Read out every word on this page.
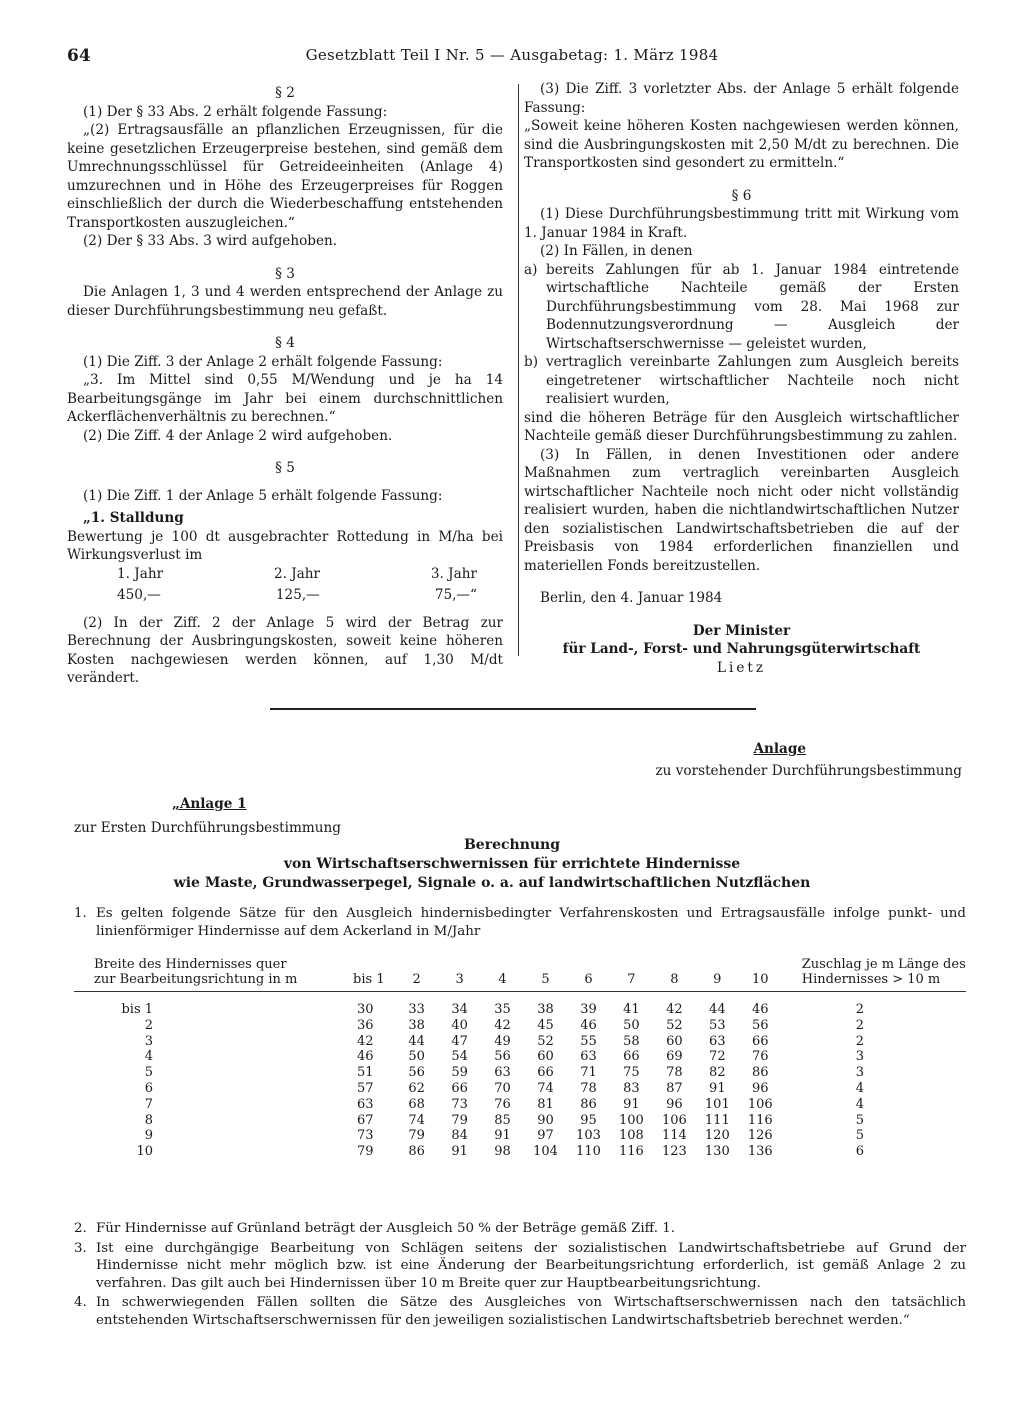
64	Gesetzblatt Teil I Nr. 5 — Ausgabetag: 1. März 1984

§ 2

(1) Der § 33 Abs. 2 erhält folgende Fassung:

„(2) Ertragsausfälle an pflanzlichen Erzeugnissen, für die keine gesetzlichen Erzeugerpreise bestehen, sind gemäß dem Umrechnungsschlüssel für Getreideeinheiten (Anlage 4) umzurechnen und in Höhe des Erzeugerpreises für Roggen einschließlich der durch die Wiederbeschaffung entstehenden Transportkosten auszugleichen.“

(2) Der § 33 Abs. 3 wird aufgehoben.

§ 3

Die Anlagen 1, 3 und 4 werden entsprechend der Anlage zu dieser Durchführungsbestimmung neu gefaßt.

§ 4

(1) Die Ziff. 3 der Anlage 2 erhält folgende Fassung:

„3. Im Mittel sind 0,55 M/Wendung und je ha 14 Bearbeitungsgänge im Jahr bei einem durchschnittlichen Ackerflächenverhältnis zu berechnen.“

(2) Die Ziff. 4 der Anlage 2 wird aufgehoben.

§ 5

(1) Die Ziff. 1 der Anlage 5 erhält folgende Fassung:

„1. Stalldung

Bewertung je 100 dt ausgebrachter Rottedung in M/ha bei Wirkungsverlust im

1. Jahr	2. Jahr	3. Jahr
450,—	125,—	75,—“

(2) In der Ziff. 2 der Anlage 5 wird der Betrag zur Berechnung der Ausbringungskosten, soweit keine höheren Kosten nachgewiesen werden können, auf 1,30 M/dt verändert.

(3) Die Ziff. 3 vorletzter Abs. der Anlage 5 erhält folgende Fassung:

„Soweit keine höheren Kosten nachgewiesen werden können, sind die Ausbringungskosten mit 2,50 M/dt zu berechnen. Die Transportkosten sind gesondert zu ermitteln.“

§ 6

(1) Diese Durchführungsbestimmung tritt mit Wirkung vom 1. Januar 1984 in Kraft.

(2) In Fällen, in denen

a) bereits Zahlungen für ab 1. Januar 1984 eintretende wirtschaftliche Nachteile gemäß der Ersten Durchführungsbestimmung vom 28. Mai 1968 zur Bodennutzungsverordnung — Ausgleich der Wirtschaftserschwernisse — geleistet wurden,
b) vertraglich vereinbarte Zahlungen zum Ausgleich bereits eingetretener wirtschaftlicher Nachteile noch nicht realisiert wurden,

sind die höheren Beträge für den Ausgleich wirtschaftlicher Nachteile gemäß dieser Durchführungsbestimmung zu zahlen.

(3) In Fällen, in denen Investitionen oder andere Maßnahmen zum vertraglich vereinbarten Ausgleich wirtschaftlicher Nachteile noch nicht oder nicht vollständig realisiert wurden, haben die nichtlandwirtschaftlichen Nutzer den sozialistischen Landwirtschaftsbetrieben die auf der Preisbasis von 1984 erforderlichen finanziellen und materiellen Fonds bereitzustellen.

Berlin, den 4. Januar 1984

Der Minister
für Land-, Forst- und Nahrungsgüterwirtschaft
Lietz
Anlage
zu vorstehender Durchführungsbestimmung
„Anlage 1
zur Ersten Durchführungsbestimmung
Berechnung
von Wirtschaftserschwernissen für errichtete Hindernisse
wie Maste, Grundwasserpegel, Signale o. a. auf landwirtschaftlichen Nutzflächen
1. Es gelten folgende Sätze für den Ausgleich hindernisbedingter Verfahrenskosten und Ertragsausfälle infolge punkt- und linienförmiger Hindernisse auf dem Ackerland in M/Jahr
Breite des Hindernisses quer zur Bearbeitungsrichtung in m	bis 1	2	3	4	5	6	7	8	9	10	Zuschlag je m Länge des Hindernisses > 10 m
bis 1	30	33	34	35	38	39	41	42	44	46	2
2	36	38	40	42	45	46	50	52	53	56	2
3	42	44	47	49	52	55	58	60	63	66	2
4	46	50	54	56	60	63	66	69	72	76	3
5	51	56	59	63	66	71	75	78	82	86	3
6	57	62	66	70	74	78	83	87	91	96	4
7	63	68	73	76	81	86	91	96	101	106	4
8	67	74	79	85	90	95	100	106	111	116	5
9	73	79	84	91	97	103	108	114	120	126	5
10	79	86	91	98	104	110	116	123	130	136	6
2. Für Hindernisse auf Grünland beträgt der Ausgleich 50 % der Beträge gemäß Ziff. 1.
3. Ist eine durchgängige Bearbeitung von Schlägen seitens der sozialistischen Landwirtschaftsbetriebe auf Grund der Hindernisse nicht mehr möglich bzw. ist eine Änderung der Bearbeitungsrichtung erforderlich, ist gemäß Anlage 2 zu verfahren. Das gilt auch bei Hindernissen über 10 m Breite quer zur Hauptbearbeitungsrichtung.
4. In schwerwiegenden Fällen sollten die Sätze des Ausgleiches von Wirtschaftserschwernissen nach den tatsächlich entstehenden Wirtschaftserschwernissen für den jeweiligen sozialistischen Landwirtschaftsbetrieb berechnet werden.“
